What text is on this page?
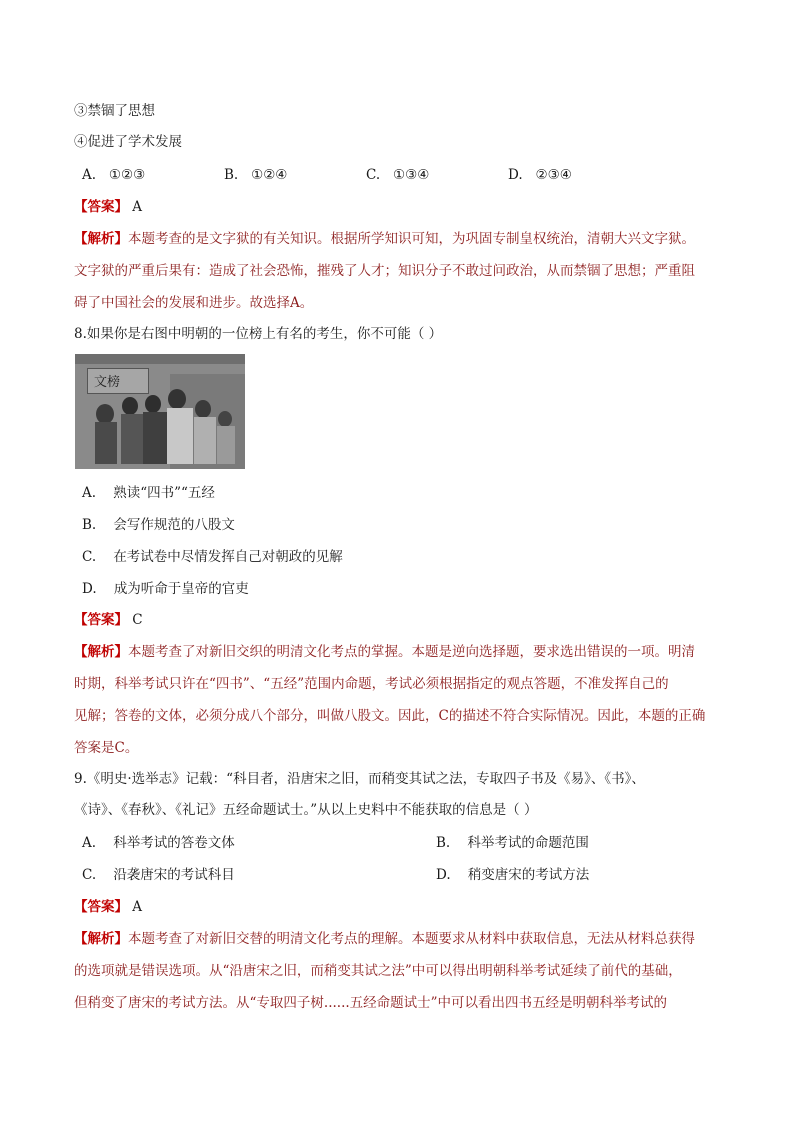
③禁锢了思想
④促进了学术发展
A. ①②③	B. ①②④	C. ①③④	D. ②③④
【答案】 A
【解析】本题考查的是文字狱的有关知识。根据所学知识可知，为巩固专制皇权统治，清朝大兴文字狱。
文字狱的严重后果有：造成了社会恐怖，摧残了人才；知识分子不敢过问政治，从而禁锢了思想；严重阻
碍了中国社会的发展和进步。故选择A。
8.如果你是右图中明朝的一位榜上有名的考生，你不可能（ ）
文榜
A. 熟读“四书”“五经
B. 会写作规范的八股文
C. 在考试卷中尽情发挥自己对朝政的见解
D. 成为听命于皇帝的官吏
【答案】 C
【解析】本题考查了对新旧交织的明清文化考点的掌握。本题是逆向选择题，要求选出错误的一项。明清
时期，科举考试只许在“四书”、“五经”范围内命题，考试必须根据指定的观点答题，不准发挥自己的
见解；答卷的文体，必须分成八个部分，叫做八股文。因此，C的描述不符合实际情况。因此，本题的正确
答案是C。
9.《明史·选举志》记载：“科目者，沿唐宋之旧，而稍变其试之法，专取四子书及《易》、《书》、
《诗》、《春秋》、《礼记》五经命题试士。”从以上史料中不能获取的信息是（ ）
A. 科举考试的答卷文体	B. 科举考试的命题范围
C. 沿袭唐宋的考试科目	D. 稍变唐宋的考试方法
【答案】 A
【解析】本题考查了对新旧交替的明清文化考点的理解。本题要求从材料中获取信息，无法从材料总获得
的选项就是错误选项。从“沿唐宋之旧，而稍变其试之法”中可以得出明朝科举考试延续了前代的基础，
但稍变了唐宋的考试方法。从“专取四子树......五经命题试士”中可以看出四书五经是明朝科举考试的
